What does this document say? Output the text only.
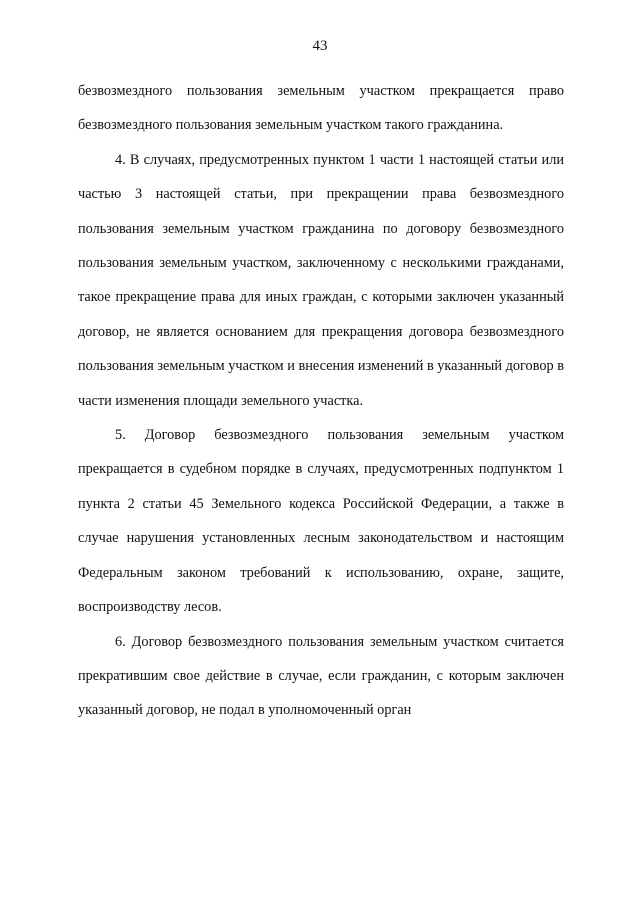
43

безвозмездного пользования земельным участком прекращается право безвозмездного пользования земельным участком такого гражданина.

4. В случаях, предусмотренных пунктом 1 части 1 настоящей статьи или частью 3 настоящей статьи, при прекращении права безвозмездного пользования земельным участком гражданина по договору безвозмездного пользования земельным участком, заключенному с несколькими гражданами, такое прекращение права для иных граждан, с которыми заключен указанный договор, не является основанием для прекращения договора безвозмездного пользования земельным участком и внесения изменений в указанный договор в части изменения площади земельного участка.

5. Договор безвозмездного пользования земельным участком прекращается в судебном порядке в случаях, предусмотренных подпунктом 1 пункта 2 статьи 45 Земельного кодекса Российской Федерации, а также в случае нарушения установленных лесным законодательством и настоящим Федеральным законом требований к использованию, охране, защите, воспроизводству лесов.

6. Договор безвозмездного пользования земельным участком считается прекратившим свое действие в случае, если гражданин, с которым заключен указанный договор, не подал в уполномоченный орган
